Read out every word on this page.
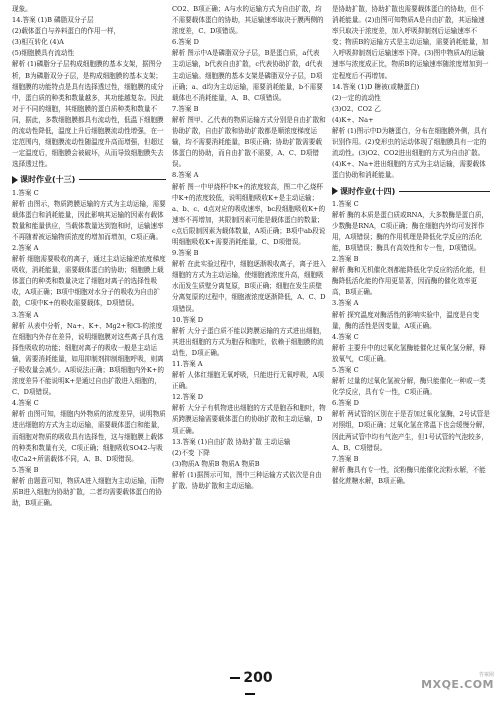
现象。

14.答案 (1)B 磷脂双分子层

(2)载体蛋白与养料蛋白的作用一样，

(3)相互转化 (4)A

(5)细胞膜具有流动性

解析 (1)磷脂分子层构成细胞膜的基本支架，据图分析，B为磷脂双分子层，是构成细胞膜的基本支架；细胞膜的功能特点是具有选择透过性，细胞膜的成分中，蛋白质的种类和数量越多，其功能越复杂。因此对于不同的细胞，其细胞膜的蛋白质种类和数量不同，据此，多数细胞膜都具有流动性，低温下细胞膜的流动性降低，温度上升后细胞膜流动性增强，在一定范围内，细胞膜流动性随温度升高而增强，但超过一定温度后，细胞膜会被破坏，从而导致细胞膜失去选择透过性。

课时作业(十三)

1.答案 C

解析 由图示，物质跨膜运输的方式为主动运输，需要载体蛋白和消耗能量，因此影响其运输的因素有载体数量和能量供应，当载体数量达到饱和时，运输速率不再随着被运输物质浓度的增加而增加，C项正确。

2.答案 A

解析 细胞需要吸收的离子，通过主动运输逆浓度梯度吸收，消耗能量，需要载体蛋白的协助；细胞膜上载体蛋白的种类和数量决定了细胞对离子的选择性吸收，A项正确；B项中细胞对水分子的吸收为自由扩散，C项中K+的吸收需要载体，D项错误。

3.答案 A

解析 从表中分析，Na+、K+、Mg2+和Cl-的浓度在细胞内外存在差异，说明细胞膜对这些离子具有选择性吸收的功能；细胞对离子的吸收一般是主动运输，需要消耗能量，如用抑制剂抑制细胞呼吸，则离子吸收量会减少。A项说法正确；B项细胞内外K+的浓度差异不能说明K+是通过自由扩散进入细胞的，C、D项错误。

4.答案 C

解析 由图可知，细胞内外物质的浓度差异，说明物质进出细胞的方式为主动运输，需要载体蛋白和能量，而细胞对物质的吸收具有选择性，这与细胞膜上载体的种类和数量有关，C项正确；细胞吸收SO42-与吸收Ca2+所需载体不同，A、B、D项错误。

5.答案 B

解析 由题意可知，物质A进入细胞为主动运输，而物质B进入细胞为协助扩散，二者均需要载体蛋白的协助，B项正确。

CO2、B项正确；A与水的运输方式为自由扩散，均不需要载体蛋白的协助，其运输速率取决于膜两侧的浓度差，C、D项错误。

6.答案 D

解析 图示中A是磷脂双分子层，B是蛋白质，a代表主动运输，b代表自由扩散，c代表协助扩散，d代表主动运输。细胞膜的基本支架是磷脂双分子层，D项正确；a、d均为主动运输，需要消耗能量，b不需要载体也不消耗能量，A、B、C项错误。

7.答案 B

解析 图甲、乙代表的物质运输方式分别是自由扩散和协助扩散，自由扩散和协助扩散都是顺浓度梯度运输，均不需要消耗能量，B项正确；协助扩散需要载体蛋白的协助，而自由扩散不需要，A、C、D项错误。

8.答案 A

解析 图一中甲烧杯中K+的浓度较高，图二中乙烧杯中K+的浓度较低，说明细胞吸收K+是主动运输；a、b、c、d点对应的吸收速率，bc段细胞吸收K+的速率不再增加，其限制因素可能是载体蛋白的数量；c点后限制因素为载体数量，A项正确；B项中ab段说明细胞吸收K+需要消耗能量，C、D项错误。

9.答案 B

解析 在此实验过程中，细胞逐渐吸收离子，离子进入细胞的方式为主动运输，使细胞液浓度升高，细胞吸水而发生质壁分离复原，B项正确；细胞在发生质壁分离复原的过程中，细胞液浓度逐渐降低，A、C、D项错误。

10.答案 D

解析 大分子蛋白质不能以跨膜运输的方式进出细胞，其进出细胞的方式为胞吞和胞吐，依赖于细胞膜的流动性，D项正确。

11.答案 A

解析 人体红细胞无氧呼吸，只能进行无氧呼吸，A项正确。

12.答案 D

解析 大分子有机物进出细胞的方式是胞吞和胞吐，物质跨膜运输需要载体蛋白的协助扩散和主动运输，D项正确。

13.答案 (1)自由扩散 协助扩散 主动运输

(2)不变 下降

(3)物质A 物质B 物质A 物质B

解析 (1)据图示可知，图中三种运输方式依次是自由扩散、协助扩散和主动运输。

是协助扩散，协助扩散也需要载体蛋白的协助，但不消耗能量。(2)由图可知物质A是自由扩散，其运输速率只取决于浓度差，加入呼吸抑制剂后运输速率不变；物质B的运输方式是主动运输，需要消耗能量，加入呼吸抑制剂后运输速率下降。(3)图中物质A的运输速率与浓度成正比，物质B的运输速率随浓度增加到一定程度后不再增加。

14.答案 (1)D 糖被(或糖蛋白)

(2)一定的流动性

(3)O2、CO2 乙

(4)K+、Na+

解析 (1)图示中D为糖蛋白，分布在细胞膜外侧，具有识别作用。(2)变形虫的运动体现了细胞膜具有一定的流动性。(3)O2、CO2进出细胞的方式为自由扩散。(4)K+、Na+进出细胞的方式为主动运输，需要载体蛋白协助和消耗能量。

课时作业(十四)

1.答案 C

解析 酶的本质是蛋白质或RNA，大多数酶是蛋白质，少数酶是RNA，C项正确；酶在细胞内外均可发挥作用，A项错误；酶的作用机理是降低化学反应的活化能，B项错误；酶具有高效性和专一性，D项错误。

2.答案 B

解析 酶和无机催化剂都能降低化学反应的活化能，但酶降低活化能的作用更显著，因而酶的催化效率更高，B项正确。

3.答案 A

解析 探究温度对酶活性的影响实验中，温度是自变量，酶的活性是因变量，A项正确。

4.答案 C

解析 主要升中的过氧化氢酶能催化过氧化氢分解，释放氧气，C项正确。

5.答案 C

解析 过量的过氧化氢被分解，酶只能催化一种或一类化学反应，具有专一性，C项正确。

6.答案 D

解析 两试管的区别在于是否加过氧化氢酶，2号试管是对照组，D项正确；过氧化氢在常温下也会缓慢分解，因此两试管中均有气泡产生，但1号试管的气泡较多，A、B、C项错误。

7.答案 B

解析 酶具有专一性，淀粉酶只能催化淀粉水解，不能催化蔗糖水解，B项正确。

200	答案圈
MXQE.COM
